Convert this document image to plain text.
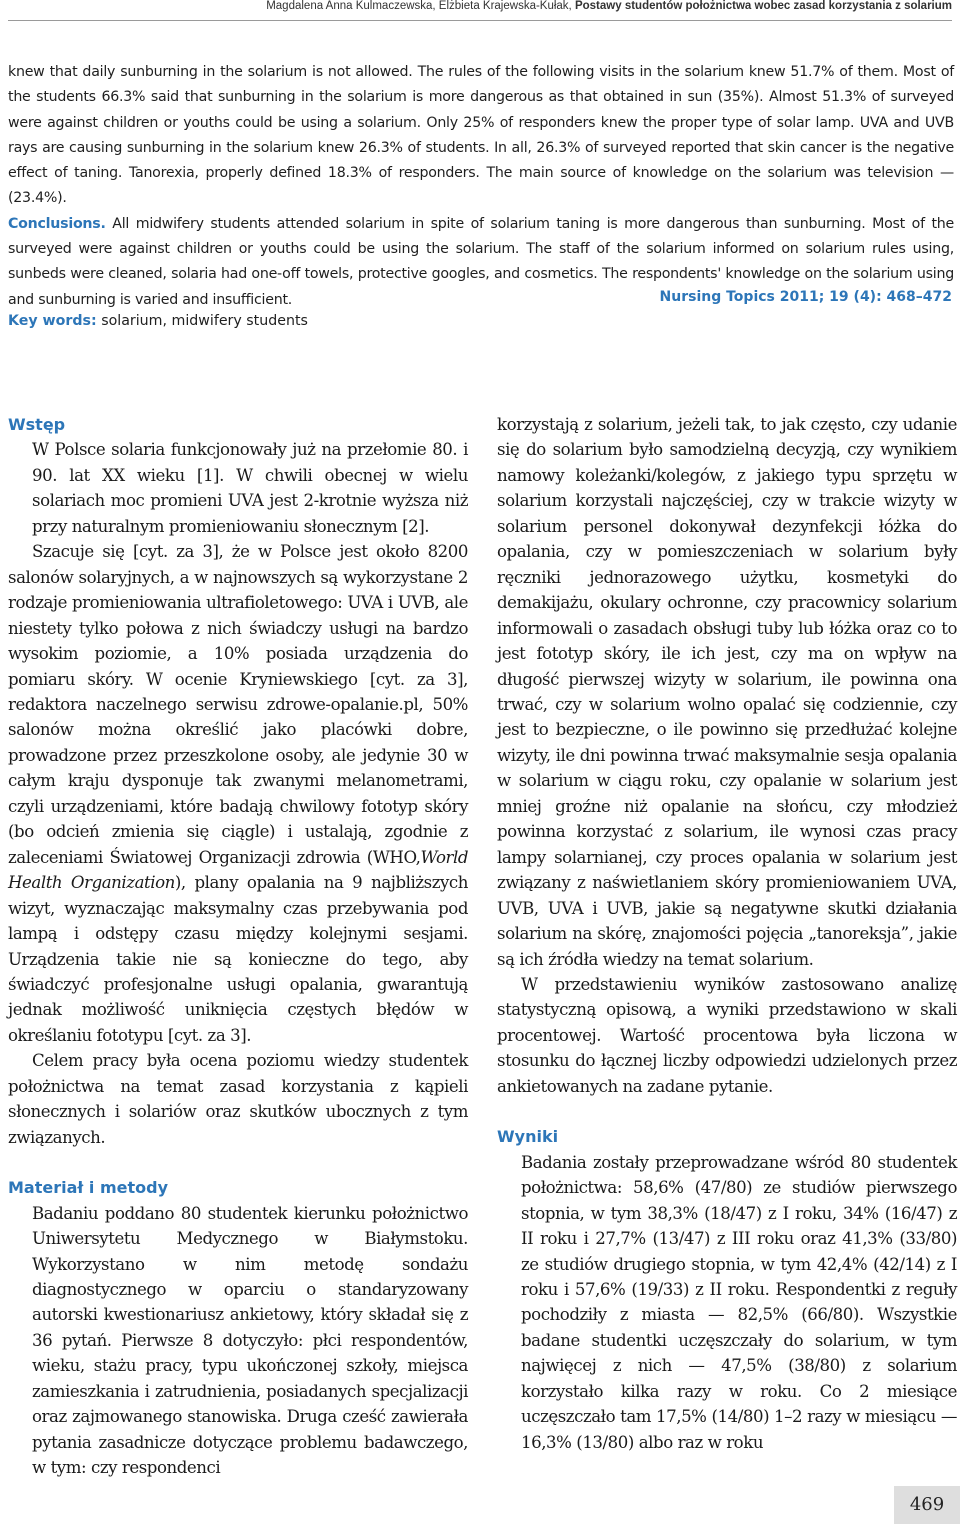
Magdalena Anna Kulmaczewska, Elżbieta Krajewska-Kułak, Postawy studentów położnictwa wobec zasad korzystania z solarium

knew that daily sunburning in the solarium is not allowed. The rules of the following visits in the solarium knew 51.7% of them. Most of the students 66.3% said that sunburning in the solarium is more dangerous as that obtained in sun (35%). Almost 51.3% of surveyed were against children or youths could be using a solarium. Only 25% of responders knew the proper type of solar lamp. UVA and UVB rays are causing sunburning in the solarium knew 26.3% of students. In all, 26.3% of surveyed reported that skin cancer is the negative effect of taning. Tanorexia, properly defined 18.3% of responders. The main source of knowledge on the solarium was television — (23.4%).

Conclusions. All midwifery students attended solarium in spite of solarium taning is more dangerous than sunburning. Most of the surveyed were against children or youths could be using the solarium. The staff of the solarium informed on solarium rules using, sunbeds were cleaned, solaria had one-off towels, protective googles, and cosmetics. The respondents' knowledge on the solarium using and sunburning is varied and insufficient.	Nursing Topics 2011; 19 (4): 468–472
Key words: solarium, midwifery students
Wstęp

W Polsce solaria funkcjonowały już na przełomie 80. i 90. lat XX wieku [1]. W chwili obecnej w wielu solariach moc promieni UVA jest 2-krotnie wyższa niż przy naturalnym promieniowaniu słonecznym [2].

Szacuje się [cyt. za 3], że w Polsce jest około 8200 salonów solaryjnych, a w najnowszych są wykorzystane 2 rodzaje promieniowania ultrafioletowego: UVA i UVB, ale niestety tylko połowa z nich świadczy usługi na bardzo wysokim poziomie, a 10% posiada urządzenia do pomiaru skóry. W ocenie Kryniewskiego [cyt. za 3], redaktora naczelnego serwisu zdrowe-opalanie.pl, 50% salonów można określić jako placówki dobre, prowadzone przez przeszkolone osoby, ale jedynie 30 w całym kraju dysponuje tak zwanymi melanometrami, czyli urządzeniami, które badają chwilowy fototyp skóry (bo odcień zmienia się ciągle) i ustalają, zgodnie z zaleceniami Światowej Organizacji zdrowia (WHO,World Health Organization), plany opalania na 9 najbliższych wizyt, wyznaczając maksymalny czas przebywania pod lampą i odstępy czasu między kolejnymi sesjami. Urządzenia takie nie są konieczne do tego, aby świadczyć profesjonalne usługi opalania, gwarantują jednak możliwość uniknięcia częstych błędów w określaniu fototypu [cyt. za 3].

Celem pracy była ocena poziomu wiedzy studentek położnictwa na temat zasad korzystania z kąpieli słonecznych i solariów oraz skutków ubocznych z tym związanych.

Materiał i metody

Badaniu poddano 80 studentek kierunku położnictwo Uniwersytetu Medycznego w Białymstoku. Wykorzystano w nim metodę sondażu diagnostycznego w oparciu o standaryzowany autorski kwestionariusz ankietowy, który składał się z 36 pytań. Pierwsze 8 dotyczyło: płci respondentów, wieku, stażu pracy, typu ukończonej szkoły, miejsca zamieszkania i zatrudnienia, posiadanych specjalizacji oraz zajmowanego stanowiska. Druga cześć zawierała pytania zasadnicze dotyczące problemu badawczego, w tym: czy respondenci

korzystają z solarium, jeżeli tak, to jak często, czy udanie się do solarium było samodzielną decyzją, czy wynikiem namowy koleżanki/kolegów, z jakiego typu sprzętu w solarium korzystali najczęściej, czy w trakcie wizyty w solarium personel dokonywał dezynfekcji łóżka do opalania, czy w pomieszczeniach w solarium były ręczniki jednorazowego użytku, kosmetyki do demakijażu, okulary ochronne, czy pracownicy solarium informowali o zasadach obsługi tuby lub łóżka oraz co to jest fototyp skóry, ile ich jest, czy ma on wpływ na długość pierwszej wizyty w solarium, ile powinna ona trwać, czy w solarium wolno opalać się codziennie, czy jest to bezpieczne, o ile powinno się przedłużać kolejne wizyty, ile dni powinna trwać maksymalnie sesja opalania w solarium w ciągu roku, czy opalanie w solarium jest mniej groźne niż opalanie na słońcu, czy młodzież powinna korzystać z solarium, ile wynosi czas pracy lampy solarnianej, czy proces opalania w solarium jest związany z naświetlaniem skóry promieniowaniem UVA, UVB, UVA i UVB, jakie są negatywne skutki działania solarium na skórę, znajomości pojęcia „tanoreksja”, jakie są ich źródła wiedzy na temat solarium.

W przedstawieniu wyników zastosowano analizę statystyczną opisową, a wyniki przedstawiono w skali procentowej. Wartość procentowa była liczona w stosunku do łącznej liczby odpowiedzi udzielonych przez ankietowanych na zadane pytanie.

Wyniki

Badania zostały przeprowadzane wśród 80 studentek położnictwa: 58,6% (47/80) ze studiów pierwszego stopnia, w tym 38,3% (18/47) z I roku, 34% (16/47) z II roku i 27,7% (13/47) z III roku oraz 41,3% (33/80) ze studiów drugiego stopnia, w tym 42,4% (42/14) z I roku i 57,6% (19/33) z II roku. Respondentki z reguły pochodziły z miasta — 82,5% (66/80). Wszystkie badane studentki uczęszczały do solarium, w tym najwięcej z nich — 47,5% (38/80) z solarium korzystało kilka razy w roku. Co 2 miesiące uczęszczało tam 17,5% (14/80) 1–2 razy w miesiącu — 16,3% (13/80) albo raz w roku

469
